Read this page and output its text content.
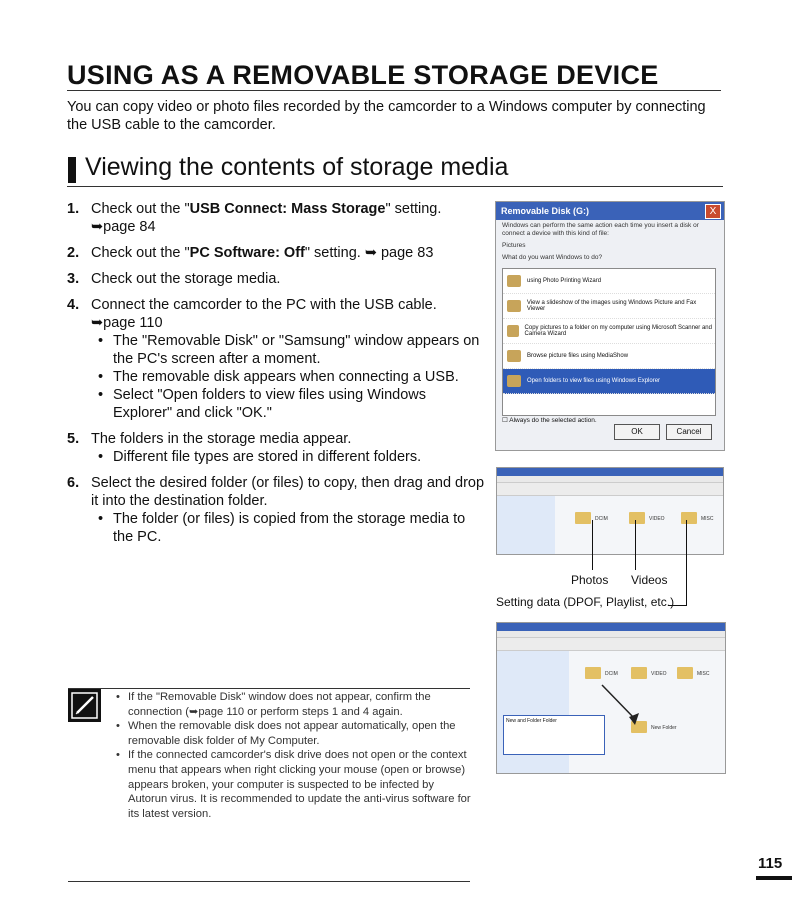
USING AS A REMOVABLE STORAGE DEVICE

You can copy video or photo files recorded by the camcorder to a Windows computer by connecting the USB cable to the camcorder.

Viewing the contents of storage media
1. Check out the "USB Connect: Mass Storage" setting.
➥page 84
2. Check out the "PC Software: Off" setting. ➥ page 83
3. Check out the storage media.
4. Connect the camcorder to the PC with the USB cable.
➥page 110
• The "Removable Disk" or "Samsung" window appears on the PC's screen after a moment.
• The removable disk appears when connecting a USB.
• Select "Open folders to view files using Windows Explorer" and click "OK."
5. The folders in the storage media appear.
• Different file types are stored in different folders.
6. Select the desired folder (or files) to copy, then drag and drop it into the destination folder.
• The folder (or files) is copied from the storage media to the PC.
Removable Disk (G:)	X
Windows can perform the same action each time you insert a disk or connect a device with this kind of file:
Pictures
What do you want Windows to do?
using Photo Printing Wizard
View a slideshow of the images using Windows Picture and Fax Viewer
Copy pictures to a folder on my computer using Microsoft Scanner and Camera Wizard
Browse picture files using MediaShow
Open folders to view files using Windows Explorer
☐ Always do the selected action.
OK	Cancel
DCIM	VIDEO	MISC
Photos Videos
Setting data (DPOF, Playlist, etc.)
DCIM	VIDEO	MISC
New Folder
New and Folder Folder
• If the "Removable Disk" window does not appear, confirm the connection (➥page 110 or perform steps 1 and 4 again.
• When the removable disk does not appear automatically, open the removable disk folder of My Computer.
• If the connected camcorder's disk drive does not open or the context menu that appears when right clicking your mouse (open or browse) appears broken, your computer is suspected to be infected by Autorun virus. It is recommended to update the anti-virus software for its latest version.
115
